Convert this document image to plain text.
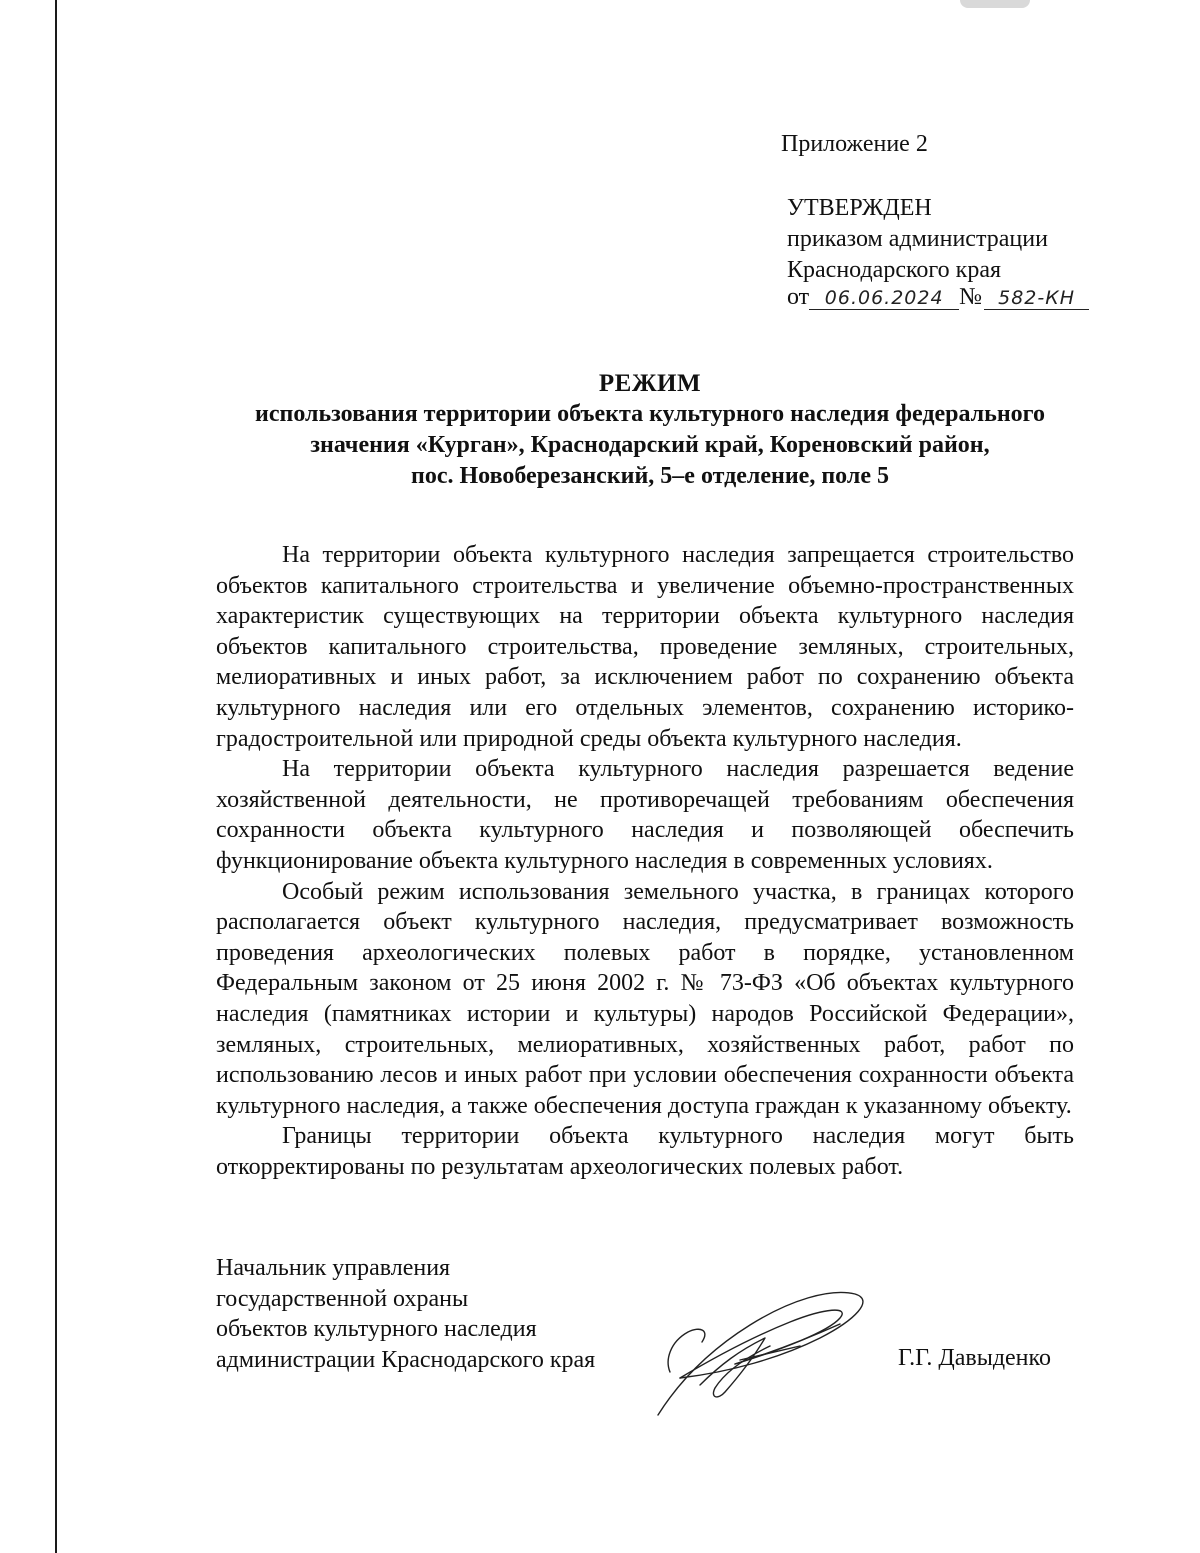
Приложение 2
УТВЕРЖДЕН
приказом администрации
Краснодарского края
от 06.06.2024 № 582-КН
РЕЖИМ
использования территории объекта культурного наследия федерального
значения «Курган», Краснодарский край, Кореновский район,
пос. Новоберезанский, 5–е отделение, поле 5

На территории объекта культурного наследия запрещается строительство объектов капитального строительства и увеличение объемно-пространственных характеристик существующих на территории объекта культурного наследия объектов капитального строительства, проведение земляных, строительных, мелиоративных и иных работ, за исключением работ по сохранению объекта культурного наследия или его отдельных элементов, сохранению историко-градостроительной или природной среды объекта культурного наследия.

На территории объекта культурного наследия разрешается ведение хозяйственной деятельности, не противоречащей требованиям обеспечения сохранности объекта культурного наследия и позволяющей обеспечить функционирование объекта культурного наследия в современных условиях.

Особый режим использования земельного участка, в границах которого располагается объект культурного наследия, предусматривает возможность проведения археологических полевых работ в порядке, установленном Федеральным законом от 25 июня 2002 г. № 73-ФЗ «Об объектах культурного наследия (памятниках истории и культуры) народов Российской Федерации», земляных, строительных, мелиоративных, хозяйственных работ, работ по использованию лесов и иных работ при условии обеспечения сохранности объекта культурного наследия, а также обеспечения доступа граждан к указанному объекту.

Границы территории объекта культурного наследия могут быть откорректированы по результатам археологических полевых работ.

Начальник управления
государственной охраны
объектов культурного наследия
администрации Краснодарского края	Г.Г. Давыденко
